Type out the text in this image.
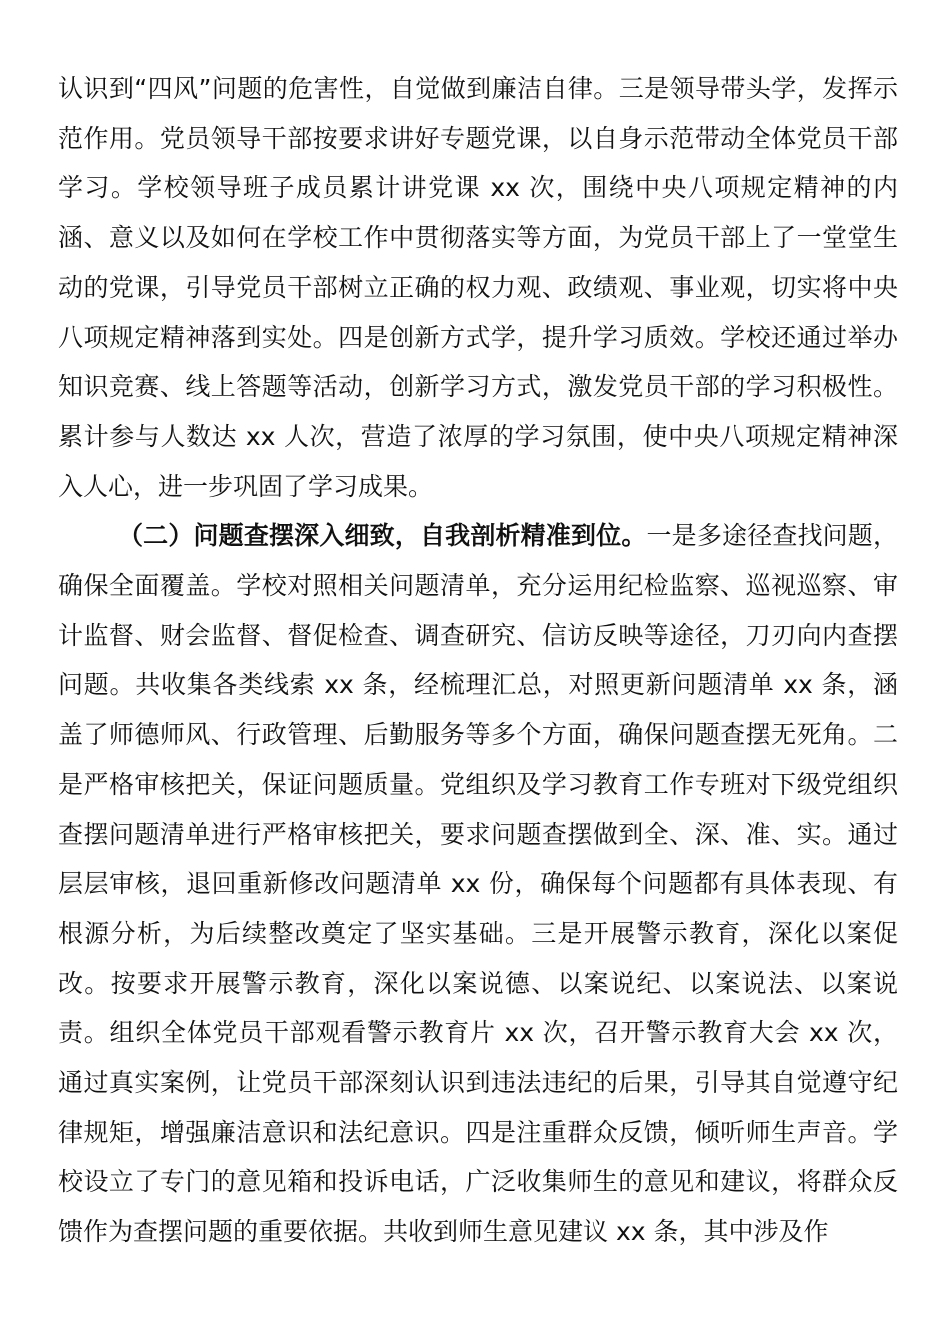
认识到“四风”问题的危害性，自觉做到廉洁自律。三是领导带头学，发挥示范作用。党员领导干部按要求讲好专题党课，以自身示范带动全体党员干部学习。学校领导班子成员累计讲党课 xx 次，围绕中央八项规定精神的内涵、意义以及如何在学校工作中贯彻落实等方面，为党员干部上了一堂堂生动的党课，引导党员干部树立正确的权力观、政绩观、事业观，切实将中央八项规定精神落到实处。四是创新方式学，提升学习质效。学校还通过举办知识竞赛、线上答题等活动，创新学习方式，激发党员干部的学习积极性。累计参与人数达 xx 人次，营造了浓厚的学习氛围，使中央八项规定精神深入人心，进一步巩固了学习成果。

（二）问题查摆深入细致，自我剖析精准到位。一是多途径查找问题，确保全面覆盖。学校对照相关问题清单，充分运用纪检监察、巡视巡察、审计监督、财会监督、督促检查、调查研究、信访反映等途径，刀刃向内查摆问题。共收集各类线索 xx 条，经梳理汇总，对照更新问题清单 xx 条，涵盖了师德师风、行政管理、后勤服务等多个方面，确保问题查摆无死角。二是严格审核把关，保证问题质量。党组织及学习教育工作专班对下级党组织查摆问题清单进行严格审核把关，要求问题查摆做到全、深、准、实。通过层层审核，退回重新修改问题清单 xx 份，确保每个问题都有具体表现、有根源分析，为后续整改奠定了坚实基础。三是开展警示教育，深化以案促改。按要求开展警示教育，深化以案说德、以案说纪、以案说法、以案说责。组织全体党员干部观看警示教育片 xx 次，召开警示教育大会 xx 次，通过真实案例，让党员干部深刻认识到违法违纪的后果，引导其自觉遵守纪律规矩，增强廉洁意识和法纪意识。四是注重群众反馈，倾听师生声音。学校设立了专门的意见箱和投诉电话，广泛收集师生的意见和建议，将群众反馈作为查摆问题的重要依据。共收到师生意见建议 xx 条，其中涉及作
